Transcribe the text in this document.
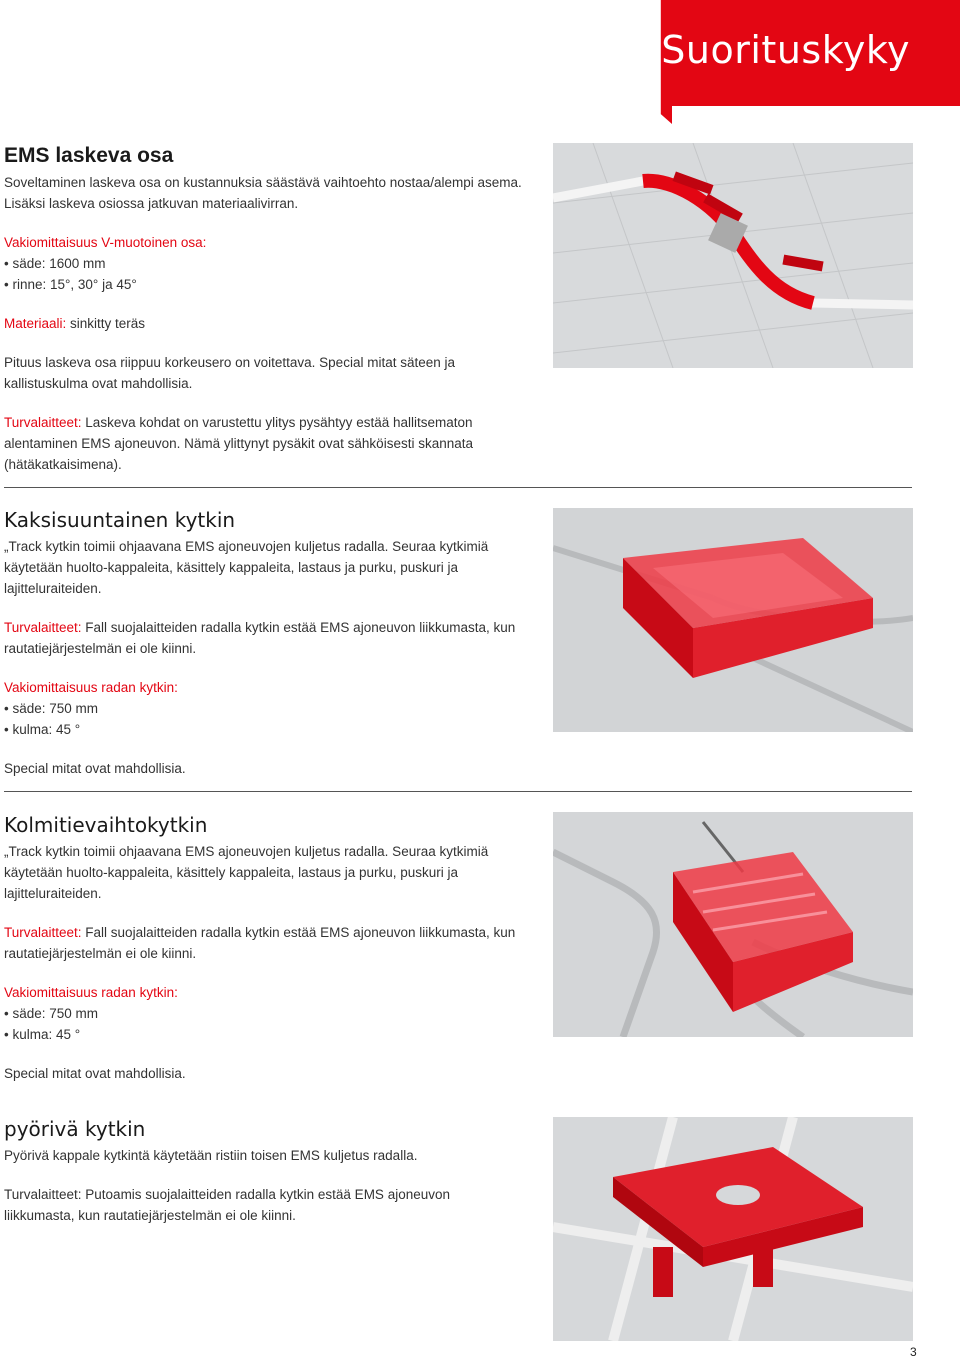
Suorituskyky
EMS laskeva osa

Soveltaminen laskeva osa on kustannuksia säästävä vaihtoehto nostaa/alempi asema. Lisäksi laskeva osiossa jatkuvan materiaalivirran.

Vakiomittaisuus V-muotoinen osa:
• säde: 1600 mm
• rinne: 15°, 30° ja 45°

Materiaali: sinkitty teräs

Pituus laskeva osa riippuu korkeusero on voitettava. Special mitat säteen ja kallistuskulma ovat mahdollisia.

Turvalaitteet: Laskeva kohdat on varustettu ylitys pysähtyy estää hallitsematon alentaminen EMS ajoneuvon. Nämä ylittynyt pysäkit ovat sähköisesti skannata (hätäkatkaisimena).

Kaksisuuntainen kytkin

„Track kytkin toimii ohjaavana EMS ajoneuvojen kuljetus radalla. Seuraa kytkimiä käytetään huolto-kappaleita, käsittely kappaleita, lastaus ja purku, puskuri ja lajitteluraiteiden.

Turvalaitteet: Fall suojalaitteiden radalla kytkin estää EMS ajoneuvon liikkumasta, kun rautatiejärjestelmän ei ole kiinni.

Vakiomittaisuus radan kytkin:
• säde: 750 mm
• kulma: 45 °

Special mitat ovat mahdollisia.

Kolmitievaihtokytkin

„Track kytkin toimii ohjaavana EMS ajoneuvojen kuljetus radalla. Seuraa kytkimiä käytetään huolto-kappaleita, käsittely kappaleita, lastaus ja purku, puskuri ja lajitteluraiteiden.

Turvalaitteet: Fall suojalaitteiden radalla kytkin estää EMS ajoneuvon liikkumasta, kun rautatiejärjestelmän ei ole kiinni.

Vakiomittaisuus radan kytkin:
• säde: 750 mm
• kulma: 45 °

Special mitat ovat mahdollisia.

pyörivä kytkin

Pyörivä kappale kytkintä käytetään ristiin toisen EMS kuljetus radalla.

Turvalaitteet: Putoamis suojalaitteiden radalla kytkin estää EMS ajoneuvon liikkumasta, kun rautatiejärjestelmän ei ole kiinni.

3
